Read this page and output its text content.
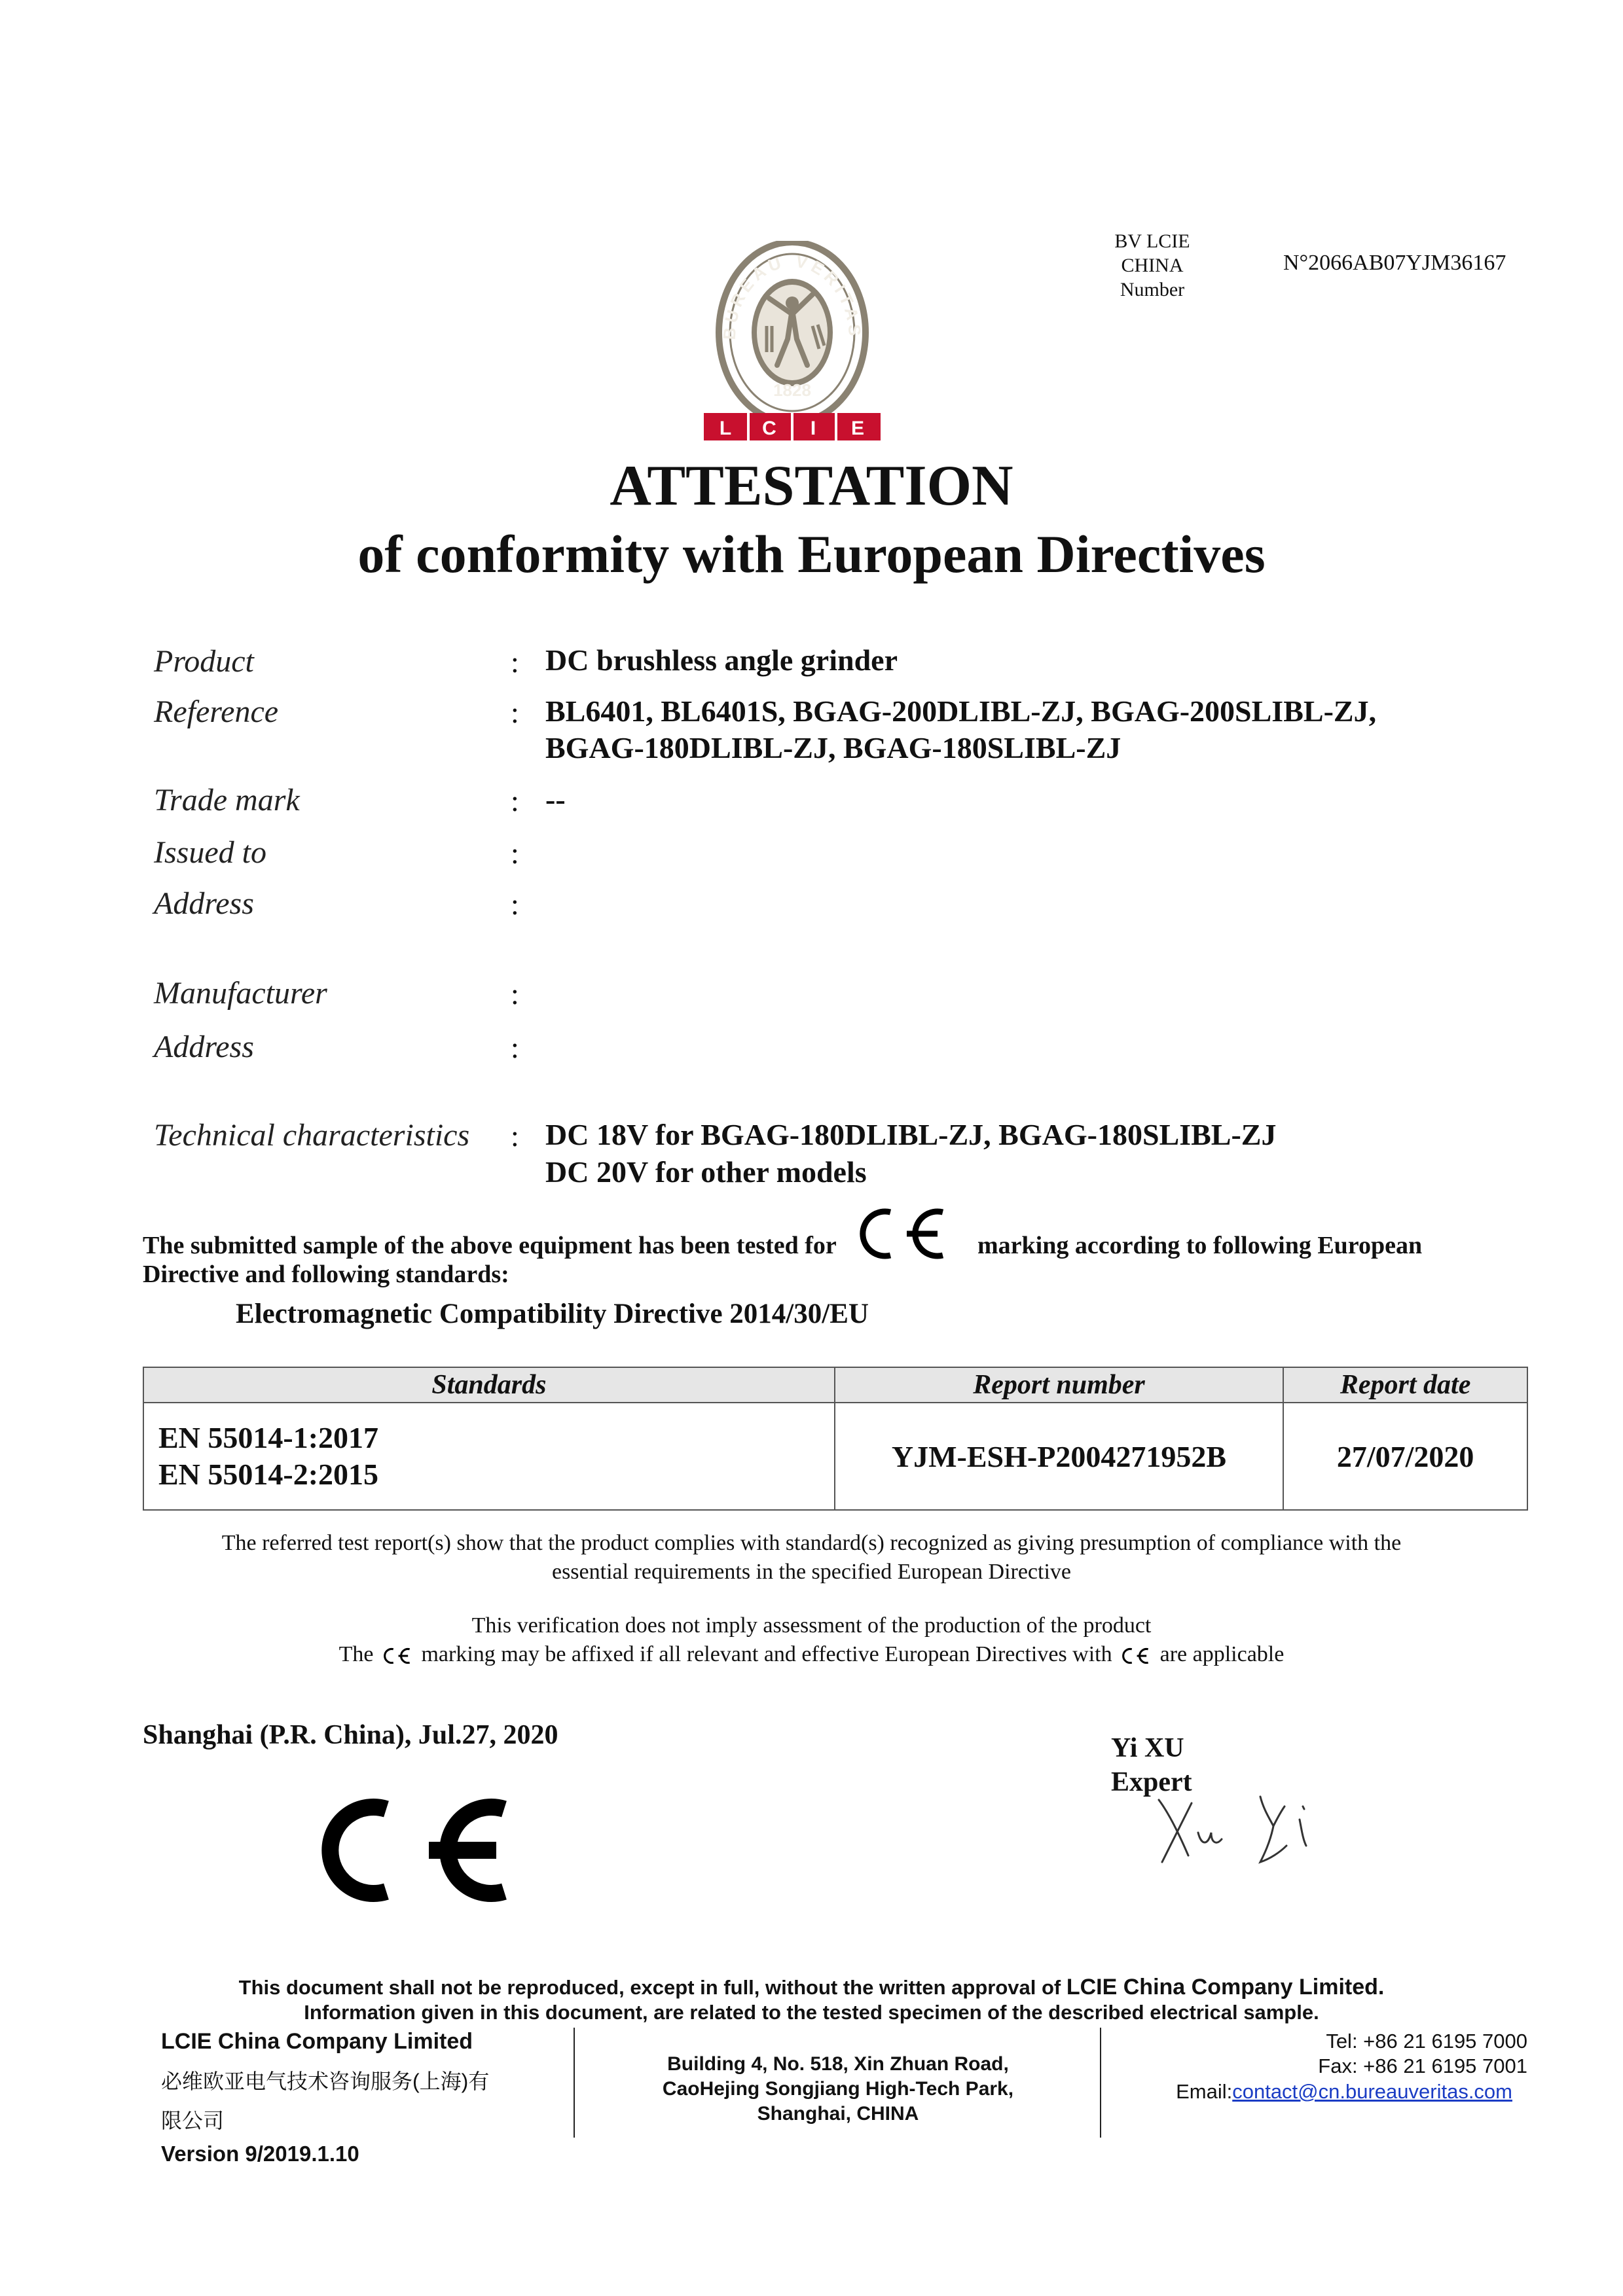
BUREAU VERITAS
1828
L C I E
BV LCIE
CHINA
Number
N°2066AB07YJM36167
ATTESTATION
of conformity with European Directives
Product	: DC brushless angle grinder
Reference	: BL6401, BL6401S, BGAG-200DLIBL-ZJ, BGAG-200SLIBL-ZJ,
BGAG-180DLIBL-ZJ, BGAG-180SLIBL-ZJ
Trade mark	: --
Issued to	:
Address	:
Manufacturer	:
Address	:
Technical characteristics : DC 18V for BGAG-180DLIBL-ZJ, BGAG-180SLIBL-ZJ
DC 20V for other models
The submitted sample of the above equipment has been tested for	marking according to following European
Directive and following standards:
Electromagnetic Compatibility Directive 2014/30/EU
Standards	Report number	Report date

EN 55014-1:2017
EN 55014-2:2015	YJM-ESH-P2004271952B	27/07/2020
The referred test report(s) show that the product complies with standard(s) recognized as giving presumption of compliance with the
essential requirements in the specified European Directive
This verification does not imply assessment of the production of the product
The marking may be affixed if all relevant and effective European Directives with are applicable
Shanghai (P.R. China), Jul.27, 2020	Yi XU
Expert
This document shall not be reproduced, except in full, without the written approval of LCIE China Company Limited.
Information given in this document, are related to the tested specimen of the described electrical sample.
LCIE China Company Limited
必维欧亚电气技术咨询服务(上海)有
限公司
Version 9/2019.1.10
Building 4, No. 518, Xin Zhuan Road,
CaoHejing Songjiang High-Tech Park,
Shanghai, CHINA
Tel: +86 21 6195 7000
Fax: +86 21 6195 7001
Email:contact@cn.bureauveritas.com
